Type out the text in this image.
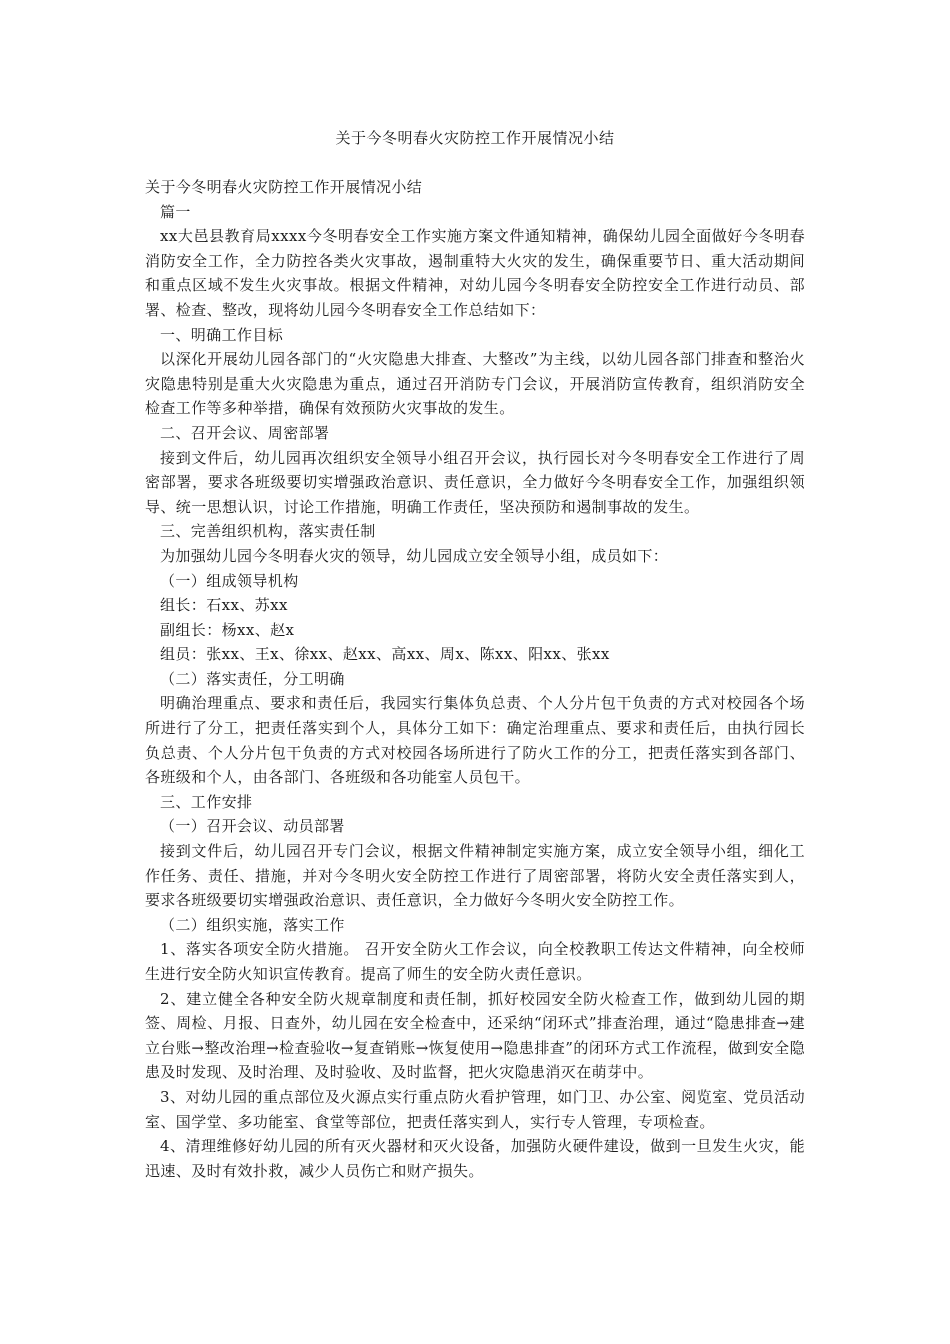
关于今冬明春火灾防控工作开展情况小结

关于今冬明春火灾防控工作开展情况小结

篇一

xx大邑县教育局xxxx今冬明春安全工作实施方案文件通知精神，确保幼儿园全面做好今冬明春消防安全工作，全力防控各类火灾事故，遏制重特大火灾的发生，确保重要节日、重大活动期间和重点区域不发生火灾事故。根据文件精神，对幼儿园今冬明春安全防控安全工作进行动员、部署、检查、整改，现将幼儿园今冬明春安全工作总结如下：

一、明确工作目标

以深化开展幼儿园各部门的“火灾隐患大排查、大整改”为主线，以幼儿园各部门排查和整治火灾隐患特别是重大火灾隐患为重点，通过召开消防专门会议，开展消防宣传教育，组织消防安全检查工作等多种举措，确保有效预防火灾事故的发生。

二、召开会议、周密部署

接到文件后，幼儿园再次组织安全领导小组召开会议，执行园长对今冬明春安全工作进行了周密部署，要求各班级要切实增强政治意识、责任意识，全力做好今冬明春安全工作，加强组织领导、统一思想认识，讨论工作措施，明确工作责任，坚决预防和遏制事故的发生。

三、完善组织机构，落实责任制

为加强幼儿园今冬明春火灾的领导，幼儿园成立安全领导小组，成员如下：

（一）组成领导机构

组长：石xx、苏xx

副组长：杨xx、赵x

组员：张xx、王x、徐xx、赵xx、高xx、周x、陈xx、阳xx、张xx

（二）落实责任，分工明确

明确治理重点、要求和责任后，我园实行集体负总责、个人分片包干负责的方式对校园各个场所进行了分工，把责任落实到个人，具体分工如下：确定治理重点、要求和责任后，由执行园长负总责、个人分片包干负责的方式对校园各场所进行了防火工作的分工，把责任落实到各部门、各班级和个人，由各部门、各班级和各功能室人员包干。

三、工作安排

（一）召开会议、动员部署

接到文件后，幼儿园召开专门会议，根据文件精神制定实施方案，成立安全领导小组，细化工作任务、责任、措施，并对今冬明火安全防控工作进行了周密部署，将防火安全责任落实到人，要求各班级要切实增强政治意识、责任意识，全力做好今冬明火安全防控工作。

（二）组织实施，落实工作

1、落实各项安全防火措施。 召开安全防火工作会议，向全校教职工传达文件精神，向全校师生进行安全防火知识宣传教育。提高了师生的安全防火责任意识。

2、建立健全各种安全防火规章制度和责任制，抓好校园安全防火检查工作，做到幼儿园的期签、周检、月报、日查外，幼儿园在安全检查中，还采纳“闭环式”排查治理，通过“隐患排查→建立台账→整改治理→检查验收→复查销账→恢复使用→隐患排查”的闭环方式工作流程，做到安全隐患及时发现、及时治理、及时验收、及时监督，把火灾隐患消灭在萌芽中。

3、对幼儿园的重点部位及火源点实行重点防火看护管理，如门卫、办公室、阅览室、党员活动室、国学堂、多功能室、食堂等部位，把责任落实到人，实行专人管理，专项检查。

4、清理维修好幼儿园的所有灭火器材和灭火设备，加强防火硬件建设，做到一旦发生火灾，能迅速、及时有效扑救，减少人员伤亡和财产损失。
